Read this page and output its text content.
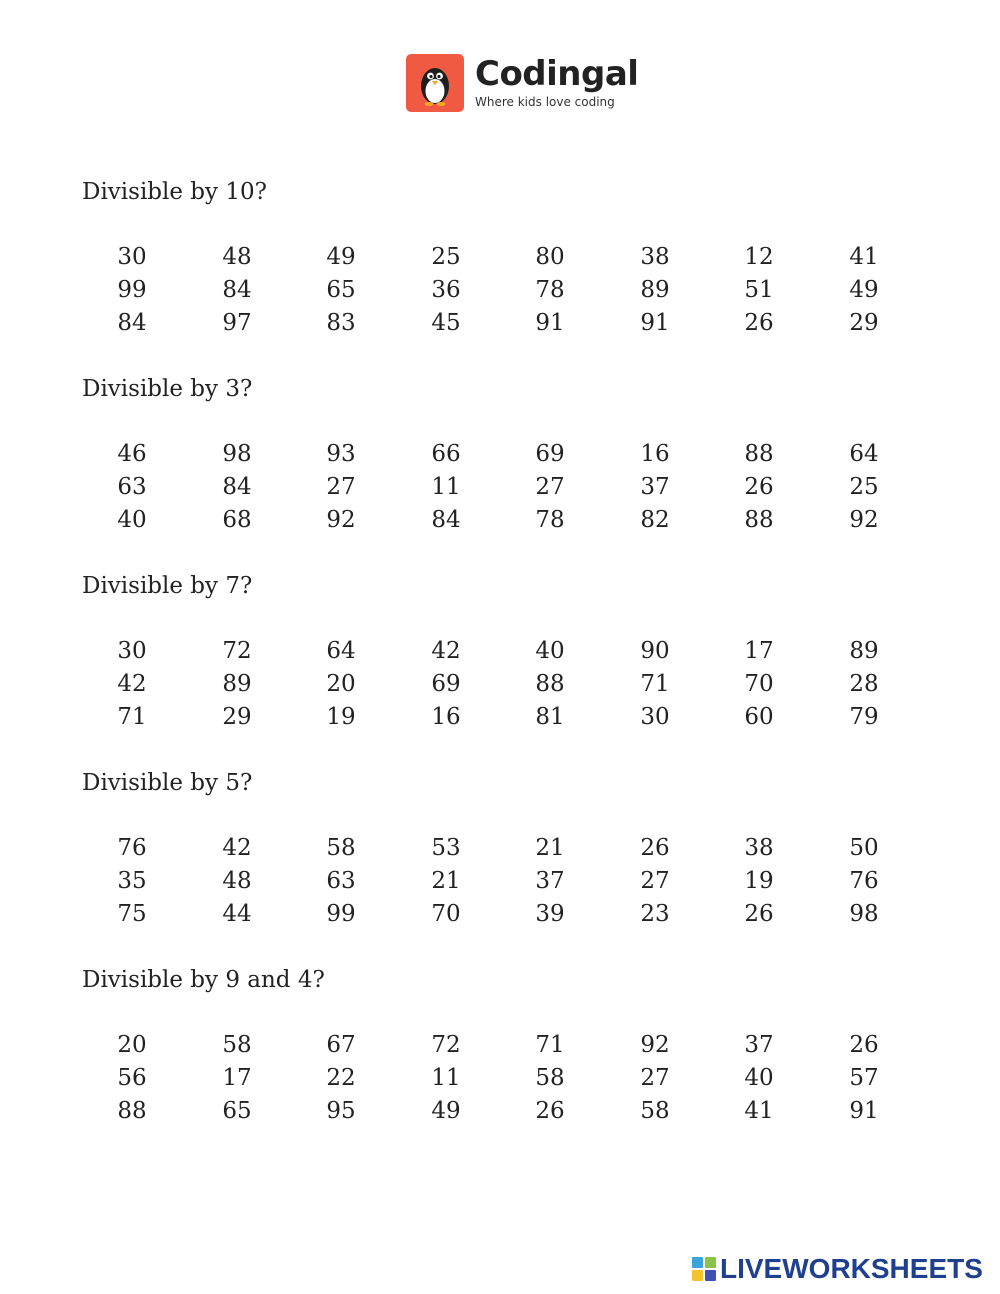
Codingal
Where kids love coding
Divisible by 10?
30	48	49	25	80	38	12	41
99	84	65	36	78	89	51	49
84	97	83	45	91	91	26	29
Divisible by 3?
46	98	93	66	69	16	88	64
63	84	27	11	27	37	26	25
40	68	92	84	78	82	88	92
Divisible by 7?
30	72	64	42	40	90	17	89
42	89	20	69	88	71	70	28
71	29	19	16	81	30	60	79
Divisible by 5?
76	42	58	53	21	26	38	50
35	48	63	21	37	27	19	76
75	44	99	70	39	23	26	98
Divisible by 9 and 4?
20	58	67	72	71	92	37	26
56	17	22	11	58	27	40	57
88	65	95	49	26	58	41	91
LIVEWORKSHEETS
